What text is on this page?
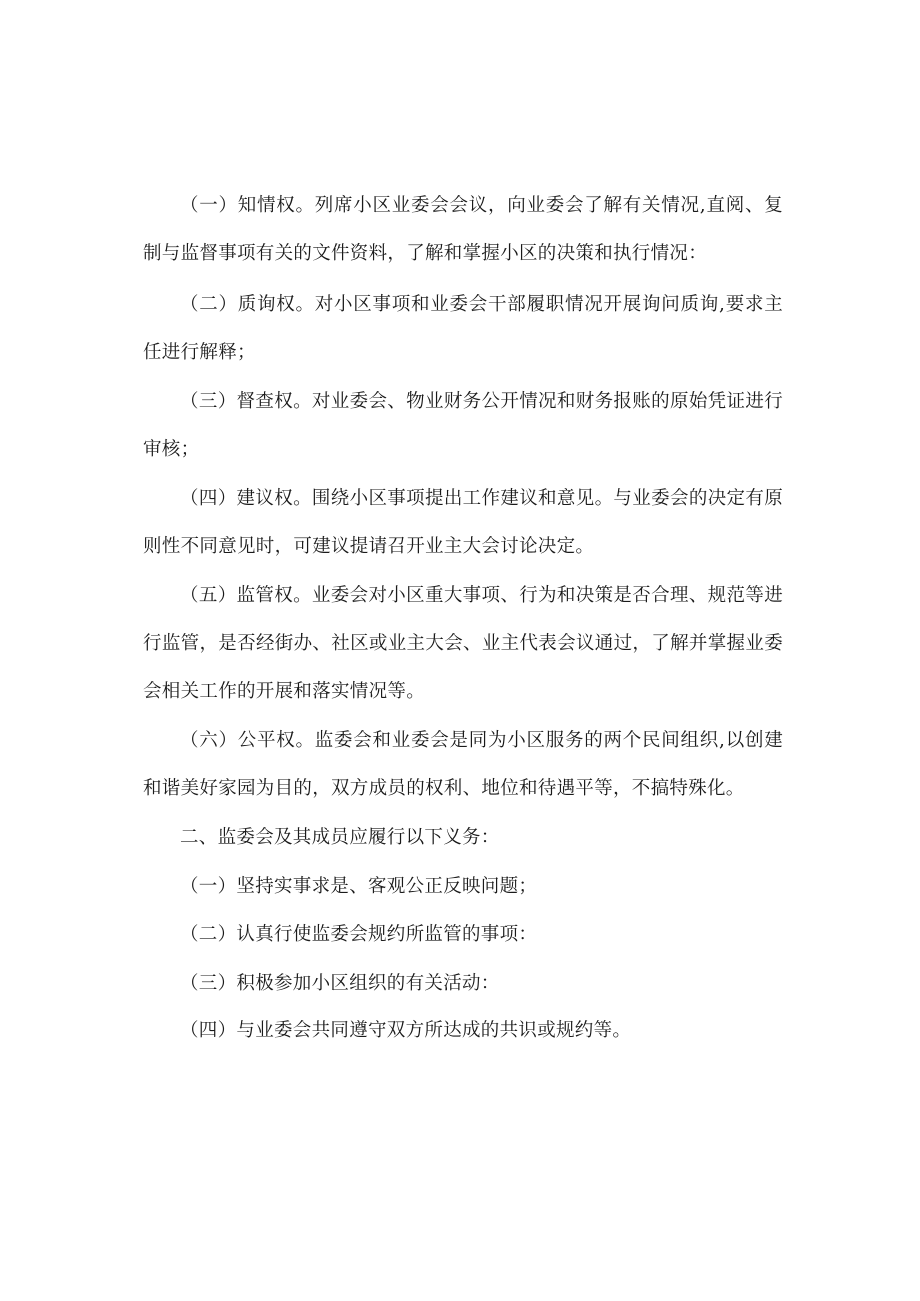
（一）知情权。列席小区业委会会议，向业委会了解有关情况,直阅、复制与监督事项有关的文件资料，了解和掌握小区的决策和执行情况：

（二）质询权。对小区事项和业委会干部履职情况开展询问质询,要求主任进行解释；

（三）督查权。对业委会、物业财务公开情况和财务报账的原始凭证进行审核；

（四）建议权。围绕小区事项提出工作建议和意见。与业委会的决定有原则性不同意见时，可建议提请召开业主大会讨论决定。

（五）监管权。业委会对小区重大事项、行为和决策是否合理、规范等进行监管，是否经街办、社区或业主大会、业主代表会议通过，了解并掌握业委会相关工作的开展和落实情况等。

（六）公平权。监委会和业委会是同为小区服务的两个民间组织,以创建和谐美好家园为目的，双方成员的权利、地位和待遇平等，不搞特殊化。

二、监委会及其成员应履行以下义务：

（一）坚持实事求是、客观公正反映问题；

（二）认真行使监委会规约所监管的事项：

（三）积极参加小区组织的有关活动：

（四）与业委会共同遵守双方所达成的共识或规约等。
